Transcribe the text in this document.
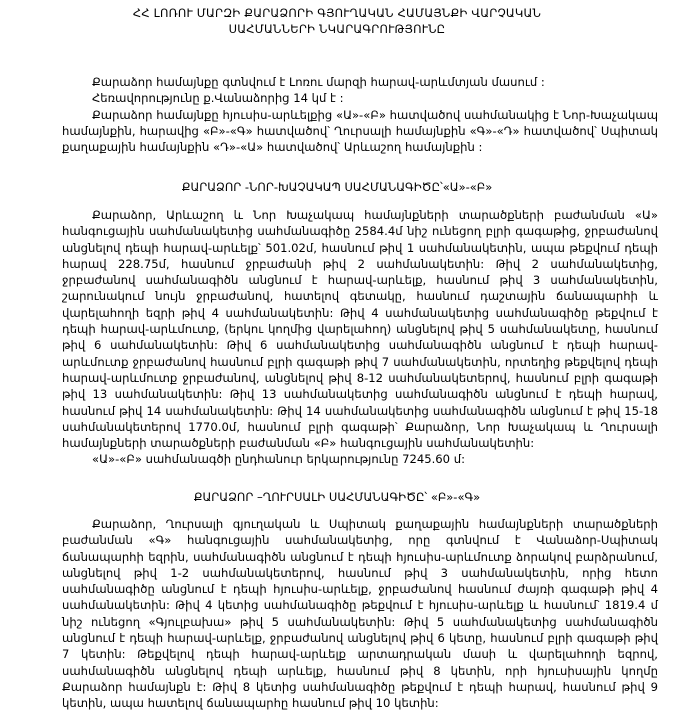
ՀՀ ԼՈՌՈՒ ՄԱՐԶԻ ՔԱՐԱՁՈՐԻ ԳՅՈՒՂԱԿԱՆ ՀԱՄԱՅՆՔԻ ՎԱՐՉԱԿԱՆ
ՍԱՀՄԱՆՆԵՐԻ ՆԿԱՐԱԳՐՈՒԹՅՈՒՆԸ

Քարաձոր համայնքը գտնվում է Լոռու մարզի հարավ-արևմտյան մասում :

Հեռավորությունը ք.Վանաձորից 14 կմ է :

Քարաձոր համայնքը հյուսիս-արևելքից «Ա»-«Բ» հատվածով սահմանակից է Նոր-Խաչակապ համայնքին, հարավից «Բ»-«Գ» հատվածով՝ Ղուրսալի համայնքին «Գ»-«Դ» հատվածով՝ Սպիտակ քաղաքային համայնքին «Դ»-«Ա» հատվածով՝ Արևաշող համայնքին :

ՔԱՐԱՁՈՐ -ՆՈՐ-ԽԱՉԱԿԱՊ ՍԱՀՄԱՆԱԳԻԾԸ՝«Ա»-«Բ»

Քարաձոր, Արևաշող և Նոր Խաչակապ համայնքների տարածքների բաժանման «Ա» հանգուցային սահմանակետից սահմանագիծը 2584.4մ նիշ ունեցող բլրի գագաթից, ջրբաժանով անցնելով դեպի հարավ-արևելք՝ 501.02մ, հասնում թիվ 1 սահմանակետին, ապա թեքվում դեպի հարավ 228.75մ, հասնում ջրբաժանի թիվ 2 սահմանակետին: Թիվ 2 սահմանակետից, ջրբաժանով սահմանագիծն անցնում է հարավ-արևելք, հասնում թիվ 3 սահմանակետին, շարունակում նույն ջրբաժանով, հատելով գետակը, հասնում դաշտային ճանապարհի և վարելահողի եզրի թիվ 4 սահմանակետին: Թիվ 4 սահմանակետից սահմանագիծը թեքվում է դեպի հարավ-արևմուտք, (երկու կողմից վարելահող) անցնելով թիվ 5 սահմանակետը, հասնում թիվ 6 սահմանակետին: Թիվ 6 սահմանակետից սահմանագիծն անցնում է դեպի հարավ-արևմուտք ջրբաժանով հասնում բլրի գագաթի թիվ 7 սահմանակետին, որտեղից թեքվելով դեպի հարավ-արևմուտք ջրբաժանով, անցնելով թիվ 8-12 սահմանակետերով, հասնում բլրի գագաթի թիվ 13 սահմանակետին: Թիվ 13 սահմանակետից սահմանագիծն անցնում է դեպի հարավ, հասնում թիվ 14 սահմանակետին: Թիվ 14 սահմանակետից սահմանագիծն անցնում է թիվ 15-18 սահմանակետերով 1770.0մ, հասնում բլրի գագաթի՝ Քարաձոր, Նոր Խաչակապ և Ղուրսալի համայնքների տարածքների բաժանման «Բ» հանգուցային սահմանակետին:

«Ա»-«Բ» սահմանագծի ընդհանուր երկարությունը 7245.60 մ:

ՔԱՐԱՁՈՐ –ՂՈՒՐՍԱԼԻ ՍԱՀՄԱՆԱԳԻԾԸ՝ «Բ»-«Գ»

Քարաձոր, Ղուրսալի գյուղական և Սպիտակ քաղաքային համայնքների տարածքների բաժանման «Գ» հանգուցային սահմանակետից, որը գտնվում է Վանաձոր-Սպիտակ ճանապարհի եզրին, սահմանագիծն անցնում է դեպի հյուսիս-արևմուտք ձորակով բարձրանում, անցնելով թիվ 1-2 սահմանակետերով, հասնում թիվ 3 սահմանակետին, որից հետո սահմանագիծը անցնում է դեպի հյուսիս-արևելք, ջրբաժանով հասնում ժայռի գագաթի թիվ 4 սահմանակետին: Թիվ 4 կետից սահմանագիծը թեքվում է հյուսիս-արևելք և հասնում՝ 1819.4 մ նիշ ունեցող «Գյուլբախա» թիվ 5 սահմանակետին: Թիվ 5 սահմանակետից սահմանագիծն անցնում է դեպի հարավ-արևելք, ջրբաժանով անցնելով թիվ 6 կետը, հասնում բլրի գագաթի թիվ 7 կետին: Թեքվելով դեպի հարավ-արևելք արտադրական մասի և վարելահողի եզրով, սահմանագիծն անցնելով դեպի արևելք, հասնում թիվ 8 կետին, որի հյուսիսային կողմը Քարաձոր համայնքն է: Թիվ 8 կետից սահմանագիծը թեքվում է դեպի հարավ, հասնում թիվ 9 կետին, ապա հատելով ճանապարհը հասնում թիվ 10 կետին:
